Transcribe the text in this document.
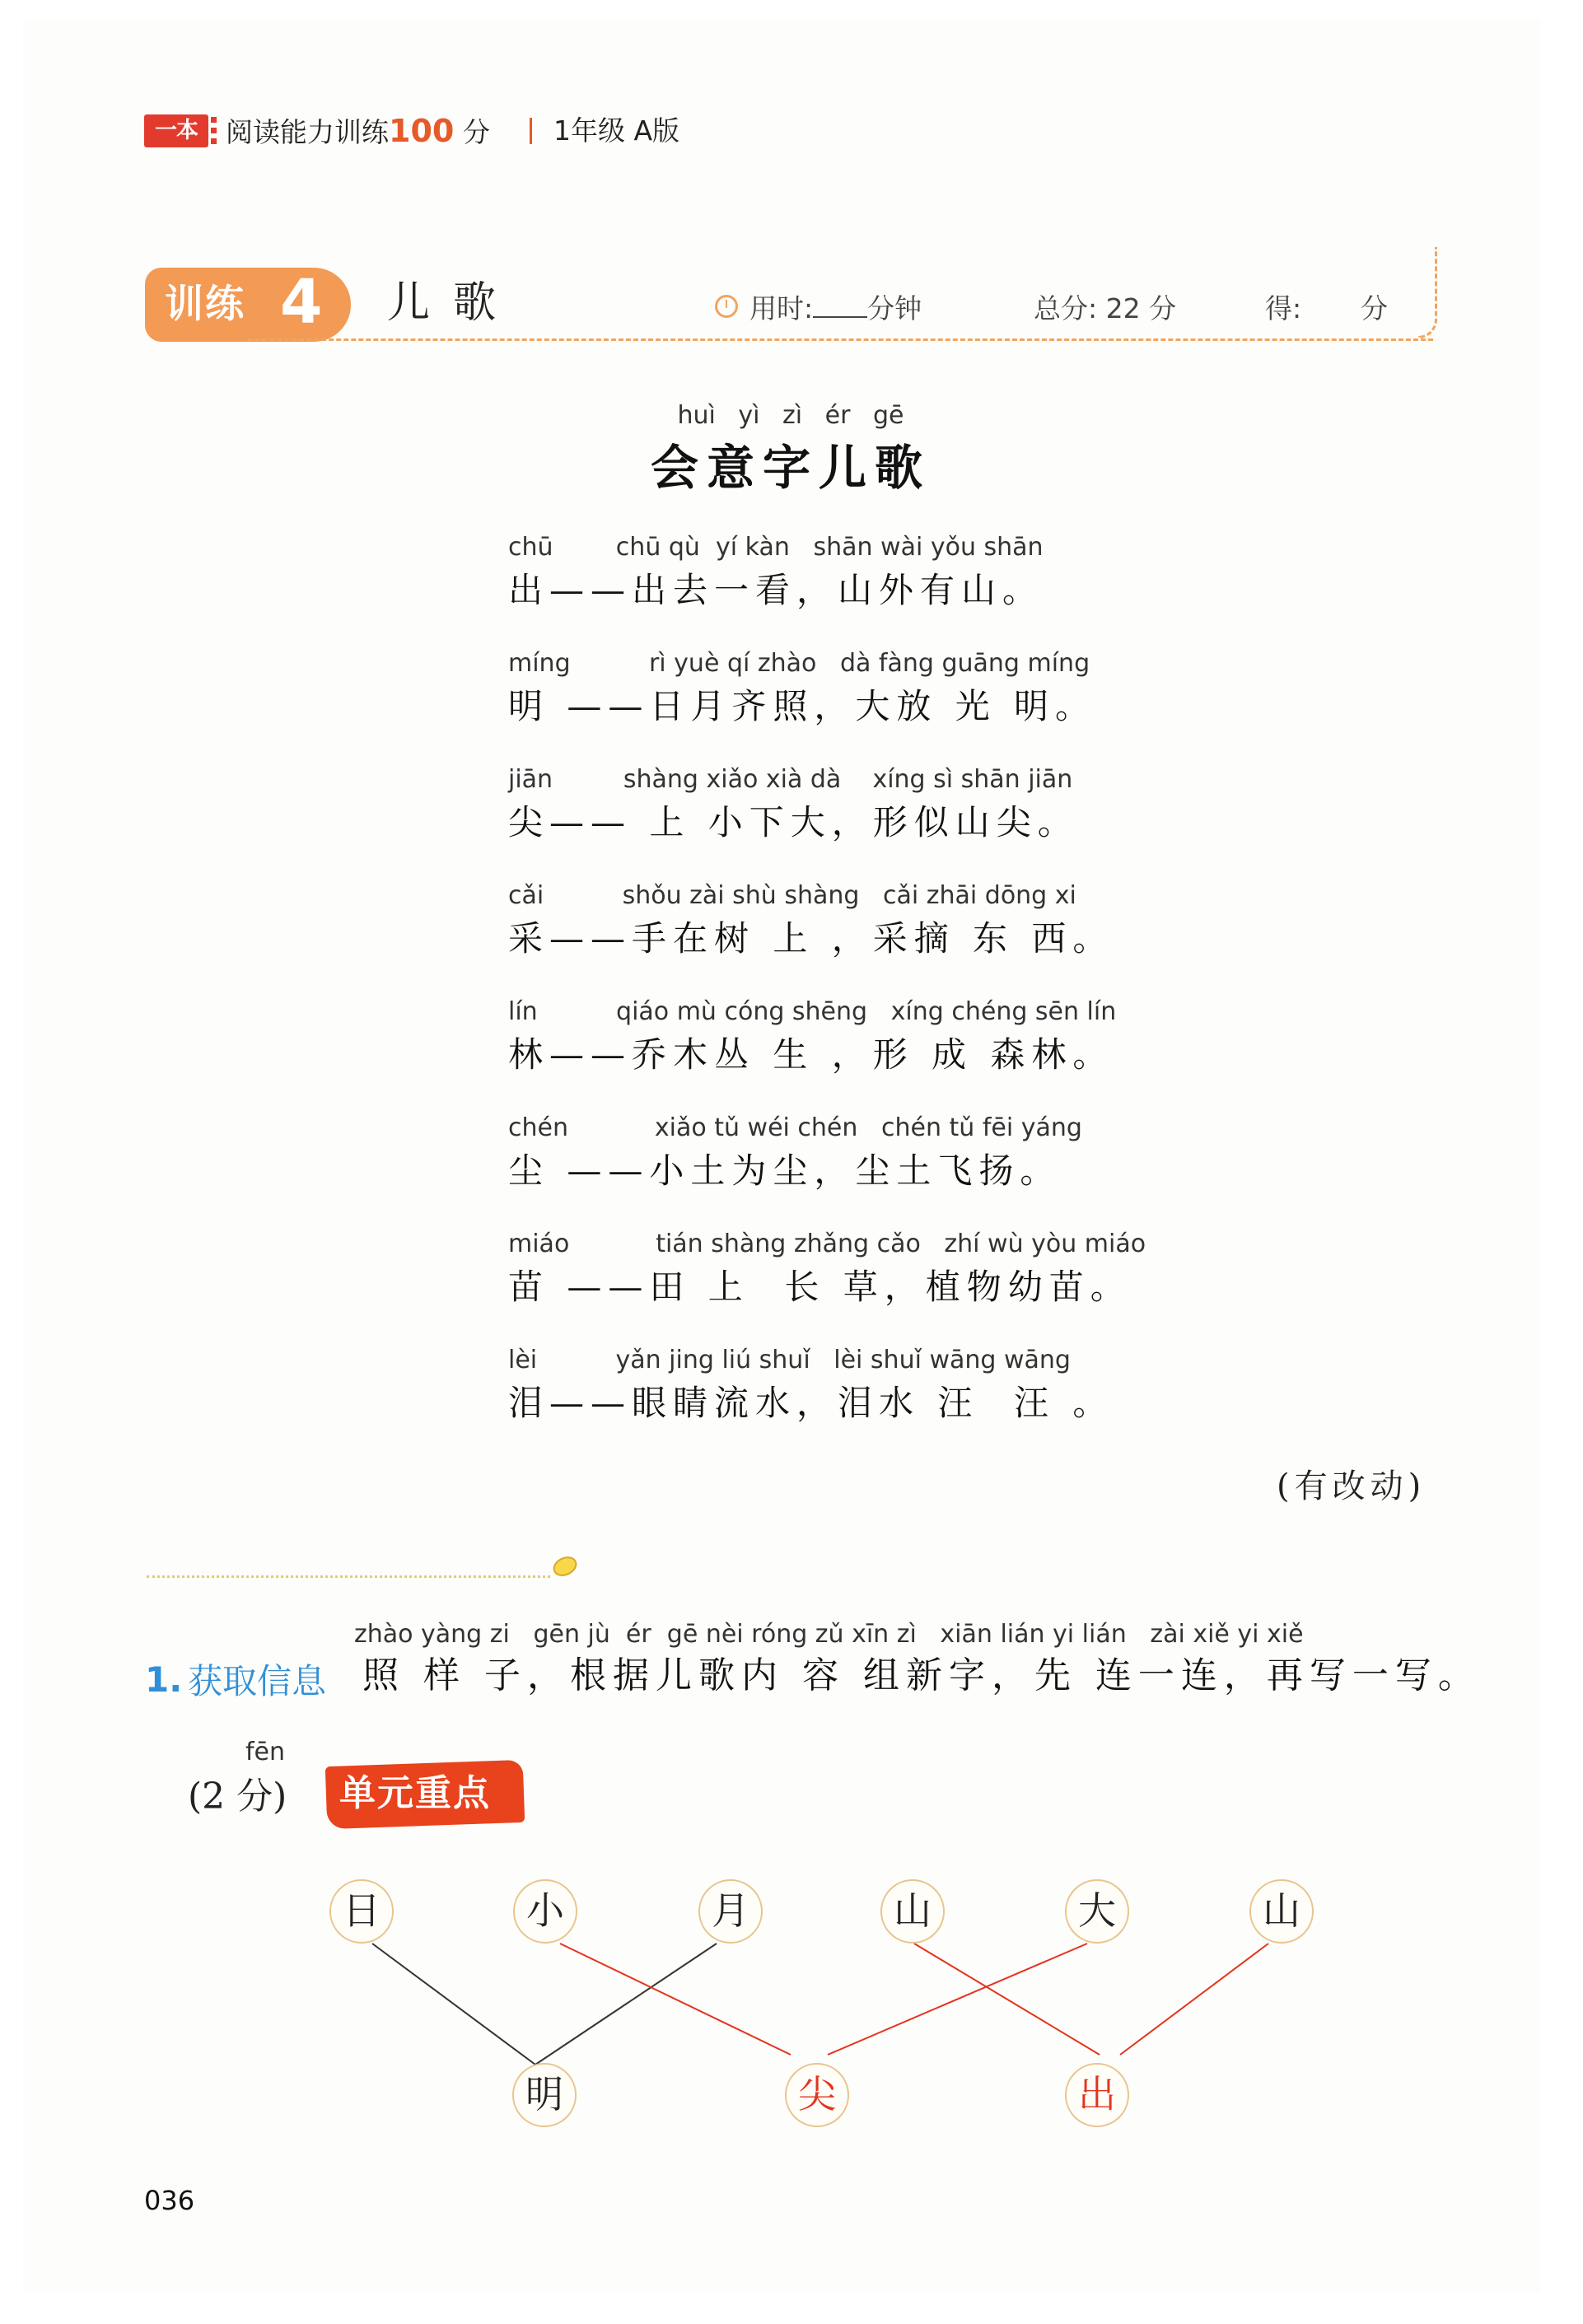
一本	阅读能力训练100 分 1年级 A版
训练 4 儿歌	用时: 分钟	总分: 22 分	得: 分
huì yì zì ér gē
会意字儿歌
chū        chū qù  yí kàn   shān wài yǒu shān
出——出去一看，山外有山。
míng          rì yuè qí zhào   dà fàng guāng míng
明 ——日月齐照，大放 光 明。
jiān         shàng xiǎo xià dà    xíng sì shān jiān
尖—— 上 小下大，形似山尖。
cǎi          shǒu zài shù shàng   cǎi zhāi dōng xi
采——手在树 上 ，采摘 东 西。
lín          qiáo mù cóng shēng   xíng chéng sēn lín
林——乔木丛 生 ，形 成 森林。
chén           xiǎo tǔ wéi chén   chén tǔ fēi yáng
尘 ——小土为尘，尘土飞扬。
miáo           tián shàng zhǎng cǎo   zhí wù yòu miáo
苗 ——田 上  长 草，植物幼苗。
lèi          yǎn jing liú shuǐ   lèi shuǐ wāng wāng
泪——眼睛流水，泪水 汪  汪 。
(有改动)
zhào yàng zi   gēn jù  ér  gē nèi róng zǔ xīn zì   xiān lián yi lián   zài xiě yi xiě
1. 获取信息 照 样 子，根据儿歌内 容 组新字，先 连一连，再写一写。
fēn
(2 分) 单元重点
日	小	月	山	大	山
明	尖	出
036
